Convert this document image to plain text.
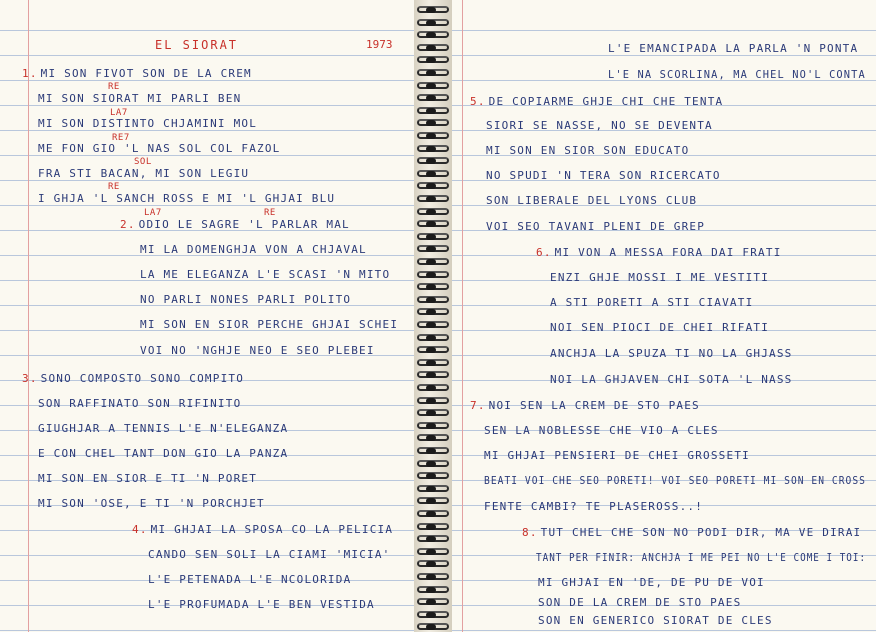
EL SIORAT	1973
1. MI SON FIVOT SON DE LA CREM
MI SON SIORAT MI PARLI BEN
MI SON DISTINTO CHJAMINI MOL
ME FON GIO 'L NAS SOL COL FAZOL
FRA STI BACAN, MI SON LEGIU
I GHJA 'L SANCH ROSS E MI 'L GHJAI BLU
2. ODIO LE SAGRE 'L PARLAR MAL
MI LA DOMENGHJA VON A CHJAVAL
LA ME ELEGANZA L'E SCASI 'N MITO
NO PARLI NONES PARLI POLITO
MI SON EN SIOR PERCHE GHJAI SCHEI
VOI NO 'NGHJE NEO E SEO PLEBEI
3. SONO COMPOSTO SONO COMPITO
SON RAFFINATO SON RIFINITO
GIUGHJAR A TENNIS L'E N'ELEGANZA
E CON CHEL TANT DON GIO LA PANZA
MI SON EN SIOR E TI 'N PORET
MI SON 'OSE, E TI 'N PORCHJET
4. MI GHJAI LA SPOSA CO LA PELICIA
CANDO SEN SOLI LA CIAMI 'MICIA'
L'E PETENADA L'E NCOLORIDA
L'E PROFUMADA L'E BEN VESTIDA
L'E EMANCIPADA LA PARLA 'N PONTA
L'E NA SCORLINA, MA CHEL NO'L CONTA
5. DE COPIARME GHJE CHI CHE TENTA
SIORI SE NASSE, NO SE DEVENTA
MI SON EN SIOR SON EDUCATO
NO SPUDI 'N TERA SON RICERCATO
SON LIBERALE DEL LYONS CLUB
VOI SEO TAVANI PLENI DE GREP
6. MI VON A MESSA FORA DAI FRATI
ENZI GHJE MOSSI I ME VESTITI
A STI PORETI A STI CIAVATI
NOI SEN PIOCI DE CHEI RIFATI
ANCHJA LA SPUZA TI NO LA GHJASS
NOI LA GHJAVEN CHI SOTA 'L NASS
7. NOI SEN LA CREM DE STO PAES
SEN LA NOBLESSE CHE VIO A CLES
MI GHJAI PENSIERI DE CHEI GROSSETI
BEATI VOI CHE SEO PORETI! VOI SEO PORETI MI SON EN CROSS
FENTE CAMBI? TE PLASEROSS..!
8. TUT CHEL CHE SON NO PODI DIR, MA VE DIRAI
TANT PER FINIR: ANCHJA I ME PEI NO L'E COME I TOI:
MI GHJAI EN 'DE, DE PU DE VOI
SON DE LA CREM DE STO PAES
SON EN GENERICO SIORAT DE CLES
RE
LA7
RE7
SOL
RE
LA7	RE
